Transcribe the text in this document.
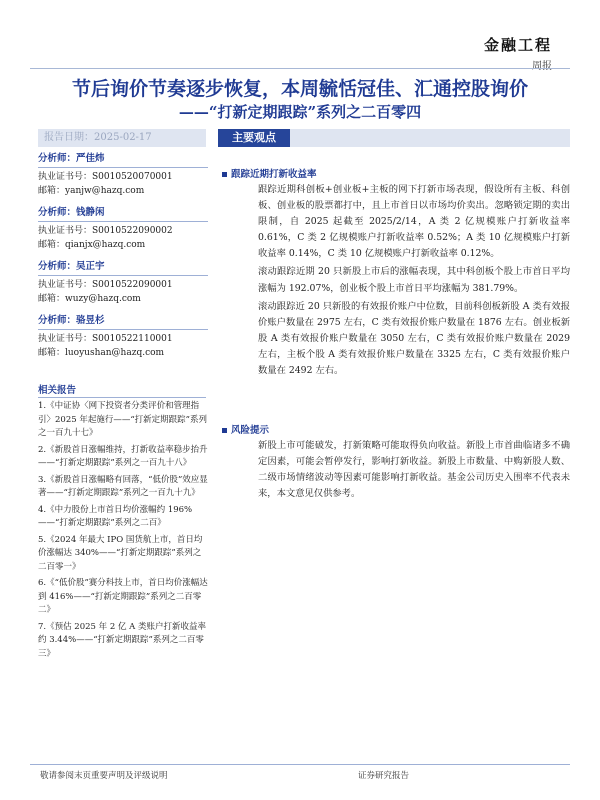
金融工程
周报
节后询价节奏逐步恢复，本周毓恬冠佳、汇通控股询价
——“打新定期跟踪”系列之二百零四
报告日期：2025-02-17
分析师：严佳炜
执业证书号：S0010520070001
邮箱：yanjw@hazq.com
分析师：钱静闲
执业证书号：S0010522090002
邮箱：qianjx@hazq.com
分析师：吴正宇
执业证书号：S0010522090001
邮箱：wuzy@hazq.com
分析师：骆昱杉
执业证书号：S0010522110001
邮箱：luoyushan@hazq.com
相关报告
1.《中证协〈网下投资者分类评价和管理指引〉2025 年起施行——“打新定期跟踪”系列之一百九十七》
2.《新股首日涨幅维持，打新收益率稳步抬升——“打新定期跟踪”系列之一百九十八》
3.《新股首日涨幅略有回落，“低价股”效应显著——“打新定期跟踪”系列之一百九十九》
4.《中力股份上市首日均价涨幅约 196%——“打新定期跟踪”系列之二百》
5.《2024 年最大 IPO 国货航上市，首日均价涨幅达 340%——“打新定期跟踪”系列之二百零一》
6.《“低价股”赛分科技上市，首日均价涨幅达到 416%——“打新定期跟踪”系列之二百零二》
7.《预估 2025 年 2 亿 A 类账户打新收益率约 3.44%——“打新定期跟踪”系列之二百零三》
主要观点
跟踪近期打新收益率

跟踪近期科创板+创业板+主板的网下打新市场表现，假设所有主板、科创板、创业板的股票都打中，且上市首日以市场均价卖出。忽略锁定期的卖出限制，自 2025 起截至 2025/2/14，A 类 2 亿规模账户打新收益率 0.61%，C 类 2 亿规模账户打新收益率 0.52%；A 类 10 亿规模账户打新收益率 0.14%，C 类 10 亿规模账户打新收益率 0.12%。

滚动跟踪近期 20 只新股上市后的涨幅表现，其中科创板个股上市首日平均涨幅为 192.07%，创业板个股上市首日平均涨幅为 381.79%。

滚动跟踪近 20 只新股的有效报价账户中位数，目前科创板新股 A 类有效报价账户数量在 2975 左右，C 类有效报价账户数量在 1876 左右。创业板新股 A 类有效报价账户数量在 3050 左右，C 类有效报价账户数量在 2029 左右，主板个股 A 类有效报价账户数量在 3325 左右，C 类有效报价账户数量在 2492 左右。

风险提示

新股上市可能破发，打新策略可能取得负向收益。新股上市首曲临诸多不确定因素，可能会暂停发行，影响打新收益。新股上市数量、中购新股人数、二级市场情绪波动等因素可能影响打新收益。基金公司历史入围率不代表未来，本文意见仅供参考。

敬请参阅末页重要声明及评级说明	证券研究报告
